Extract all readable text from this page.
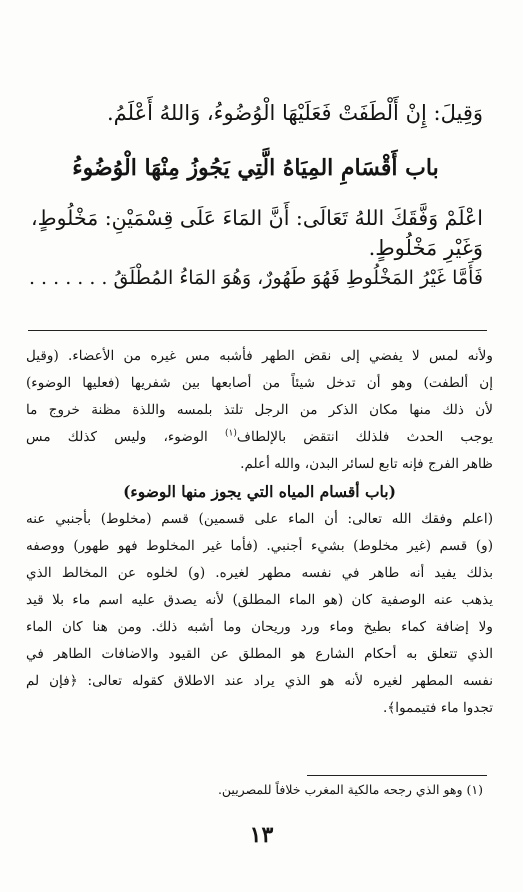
وَقِيلَ: إِنْ أَلْطَفَتْ فَعَلَيْهَا الْوُضُوءُ، وَاللهُ أَعْلَمُ.
باب أَقْسَامِ المِيَاهُ الَّتِي يَجُوزُ مِنْهَا الْوُضُوءُ
اعْلَمْ وَفَّقَكَ اللهُ تَعَالَى: أَنَّ المَاءَ عَلَى قِسْمَيْنِ: مَخْلُوطٍ،
وَغَيْرِ مَخْلُوطٍ.
فَأَمَّا غَيْرُ المَخْلُوطِ فَهُوَ طَهُورٌ، وَهُوَ المَاءُ المُطْلَقُ . . . . . . .
ولأنه لمس لا يفضي إلى نقض الطهر فأشبه مس غيره من الأعضاء. (وقيل
إن ألطفت) وهو أن تدخل شيئاً من أصابعها بين شفريها (فعليها الوضوء)
لأن ذلك منها مكان الذكر من الرجل تلتذ بلمسه واللذة مظنة خروج ما
يوجب الحدث فلذلك انتقض بالإلطاف$^{(١)}$ الوضوء، وليس كذلك مس
ظاهر الفرج فإنه تابع لسائر البدن، والله أعلم.
(باب أقسام المياه التي يجوز منها الوضوء)
(اعلم وفقك الله تعالى: أن الماء على قسمين) قسم (مخلوط) بأجنبي عنه
(و) قسم (غير مخلوط) بشيء أجنبي. (فأما غير المخلوط فهو طهور) ووصفه
بذلك يفيد أنه طاهر في نفسه مطهر لغيره. (و) لخلوه عن المخالط الذي
يذهب عنه الوصفية كان (هو الماء المطلق) لأنه يصدق عليه اسم ماء بلا قيد
ولا إضافة كماء بطيخ وماء ورد وريحان وما أشبه ذلك. ومن هنا كان الماء
الذي تتعلق به أحكام الشارع هو المطلق عن القيود والاضافات الطاهر في
نفسه المطهر لغيره لأنه هو الذي يراد عند الاطلاق كقوله تعالى: ﴿فإن لم
تجدوا ماء فتيمموا﴾.
(١) وهو الذي رجحه مالكية المغرب خلافاً للمصريين.
١٣
